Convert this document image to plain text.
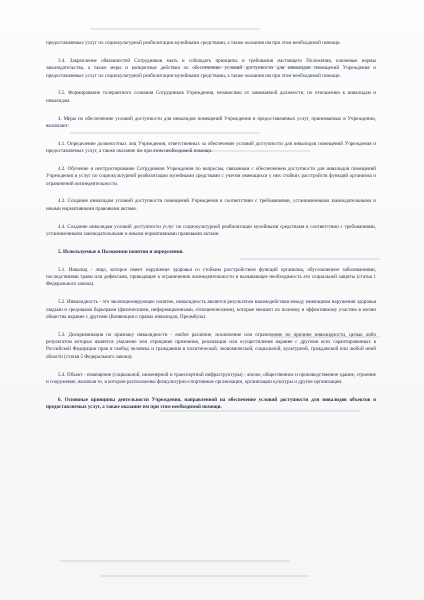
предоставляемых услуг по социокультурной реабилитации музейными средствами, а также оказания им при этом необходимой помощи.

3.4. Закрепление обязанностей Сотрудников знать и соблюдать принципы и требования настоящего Положения, ключевые нормы законодательства, а также меры и конкретные действия по обеспечению условий доступности для инвалидов помещений Учреждения и предоставляемых услуг по социокультурной реабилитации музейными средствами, а также оказания им при этом необходимой помощи.

3.5. Формирование толерантного сознания Сотрудников Учреждения, независимо от занимаемой должности, по отношению к инвалидам и инвалидам.

4. Меры по обеспечению условий доступности для инвалидов помещений Учреждения и предоставляемых услуг, принимаемых в Учреждении, включают:

4.1. Определение должностных лиц Учреждения, ответственных за обеспечение условий доступности для инвалидов помещений Учреждения и предоставляемых услуг, а также оказание им при этом необходимой помощи.

4.2. Обучение и инструктирование Сотрудников Учреждения по вопросам, связанным с обеспечением доступности для инвалидов помещений Учреждения и услуг по социокультурной реабилитации музейными средствами с учетом имеющихся у них стойких расстройств функций организма и ограничений жизнедеятельности.

4.3. Создание инвалидам условий доступности помещений Учреждения в соответствии с требованиями, установленными законодательными и иными нормативными правовыми актами.

4.4. Создание инвалидам условий доступности услуг по социокультурной реабилитации музейными средствами в соответствии с требованиями, установленными законодательными и иными нормативными правовыми актами.

5. Используемые в Положении понятия и определения.

5.1. Инвалид - лицо, которое имеет нарушение здоровья со стойким расстройством функций организма, обусловленное заболеваниями, последствиями травм или дефектами, приводящее к ограничению жизнедеятельности и вызывающее необходимость его социальной защиты (статья 1 Федерального закона).

5.2. Инвалидность - это эволюционирующее понятие, инвалидность является результатом взаимодействия между имеющими нарушения здоровья людьми и средовыми барьерами (физическими, информационными, отношенческими), которые мешают их полному и эффективному участию в жизни общества наравне с другими (Конвенция о правах инвалидов, Преамбула).

5.3. Дискриминация по признаку инвалидности - любое различие, исключение или ограничение по причине инвалидности, целью либо результатом которых является умаление или отрицание признания, реализации или осуществления наравне с другими всех гарантированных в Российской Федерации прав и свобод человека и гражданина в политической, экономической, социальной, культурной, гражданской или любой иной области (статья 5 Федерального закона).

5.4. Объект - помещение (социальной, инженерной и транспортной инфраструктуры) - жилое, общественное и производственное здание, строение и сооружение, включая то, в котором расположены физкультурно-спортивные организации, организации культуры и другие организации.

6. Основные принципы деятельности Учреждения, направленной на обеспечение условий доступности для инвалидов объектов и предоставляемых услуг, а также оказание им при этом необходимой помощи.
